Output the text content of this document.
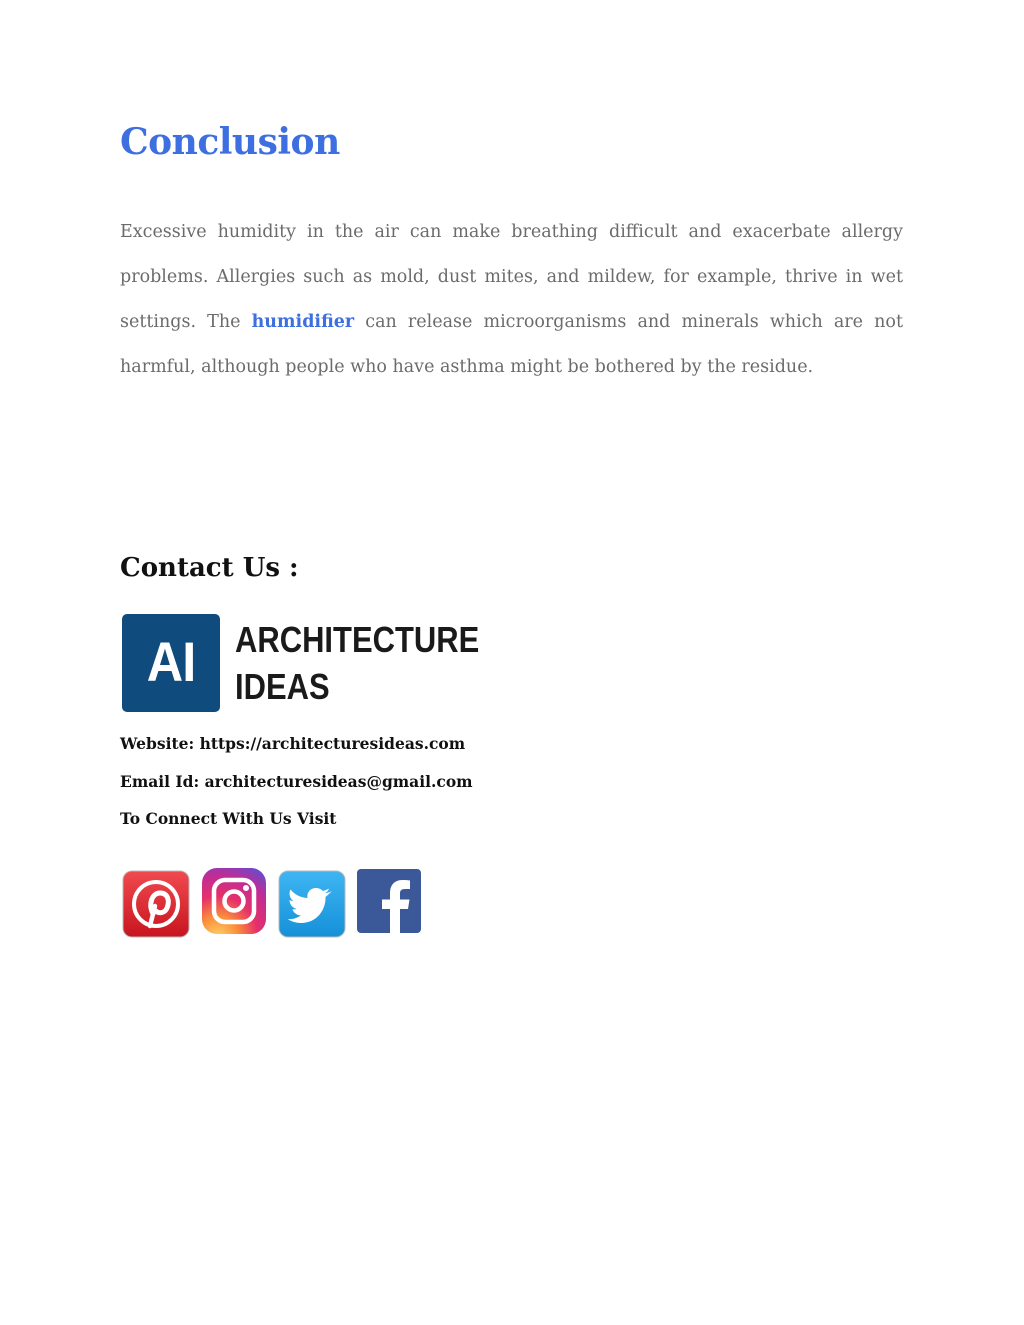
Conclusion

Excessive humidity in the air can make breathing difficult and exacerbate allergy problems. Allergies such as mold, dust mites, and mildew, for example, thrive in wet settings. The humidifier can release microorganisms and minerals which are not harmful, although people who have asthma might be bothered by the residue.

Contact Us :
AI	ARCHITECTURE
IDEAS

Website: https://architecturesideas.com

Email Id: architecturesideas@gmail.com

To Connect With Us Visit
